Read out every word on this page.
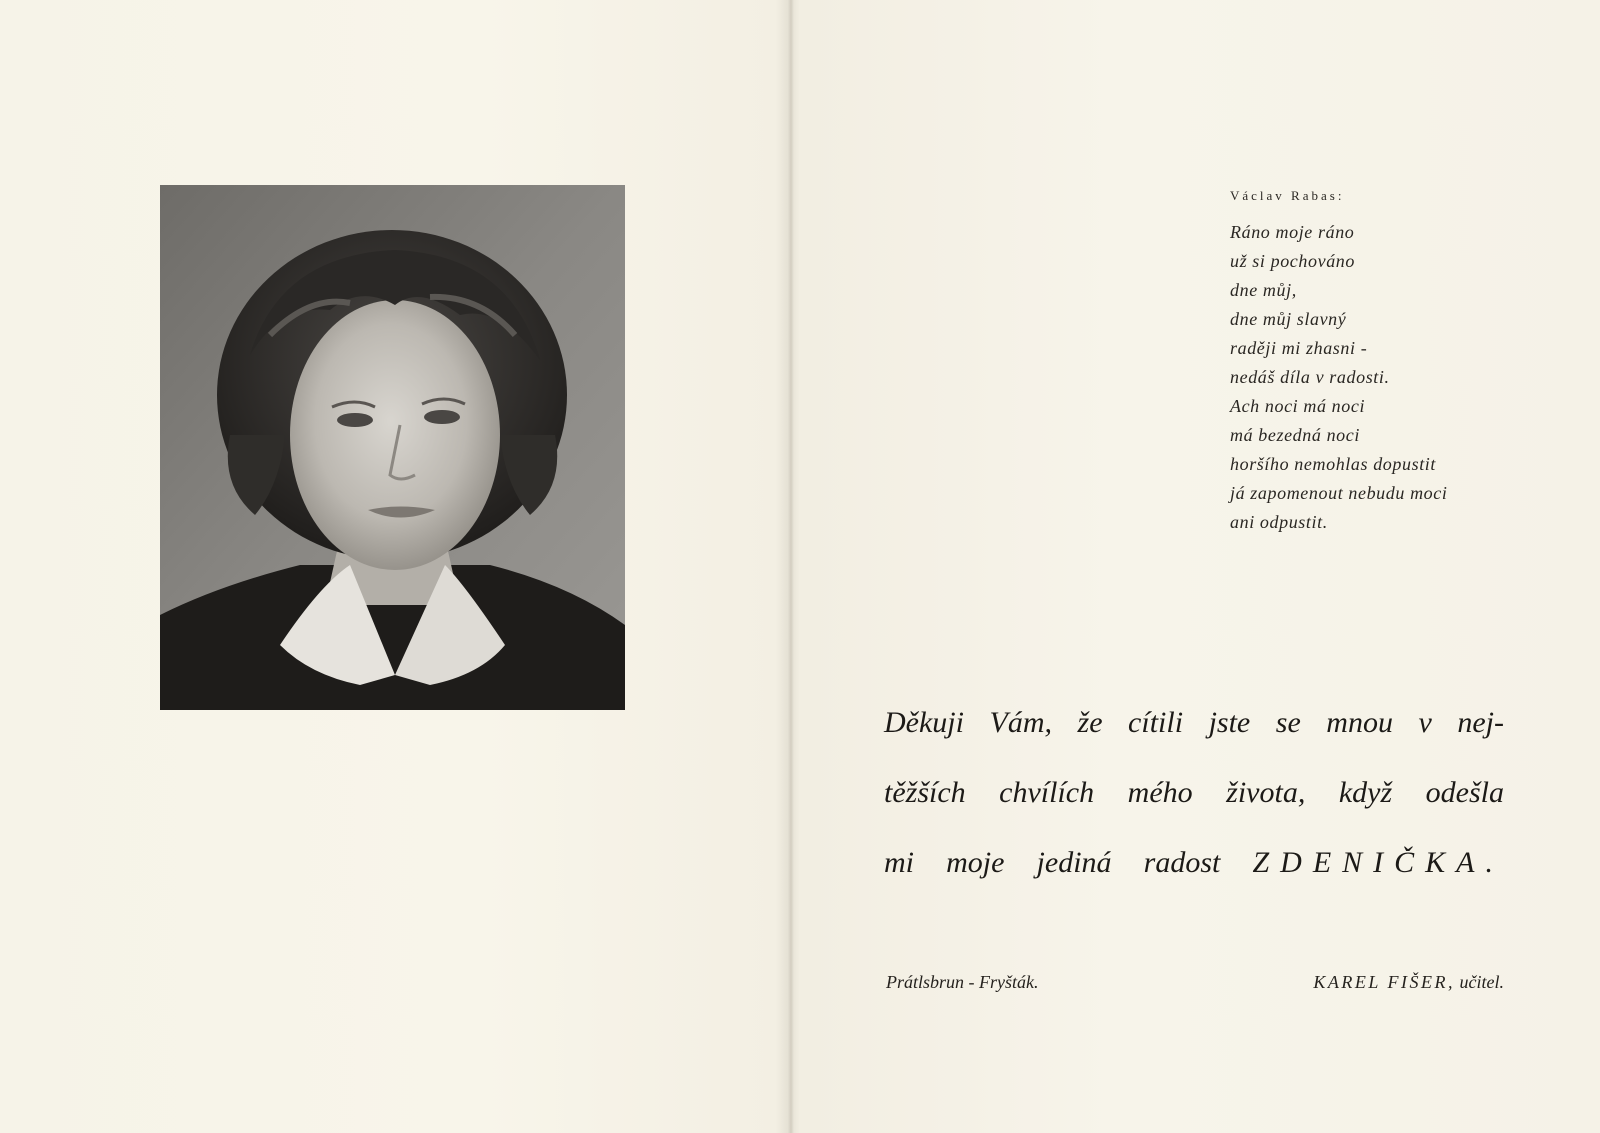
Václav Rabas:
Ráno moje ráno
už si pochováno
dne můj,
dne můj slavný
raději mi zhasni -
nedáš díla v radosti.
Ach noci má noci
má bezedná noci
horšího nemohlas dopustit
já zapomenout nebudu moci
ani odpustit.
Děkuji Vám, že cítili jste se mnou v nej-
těžších chvílích mého života, když odešla
mi moje jediná radost ZDENIČKA.
Prátlsbrun - Fryšták.	KAREL FIŠER, učitel.
